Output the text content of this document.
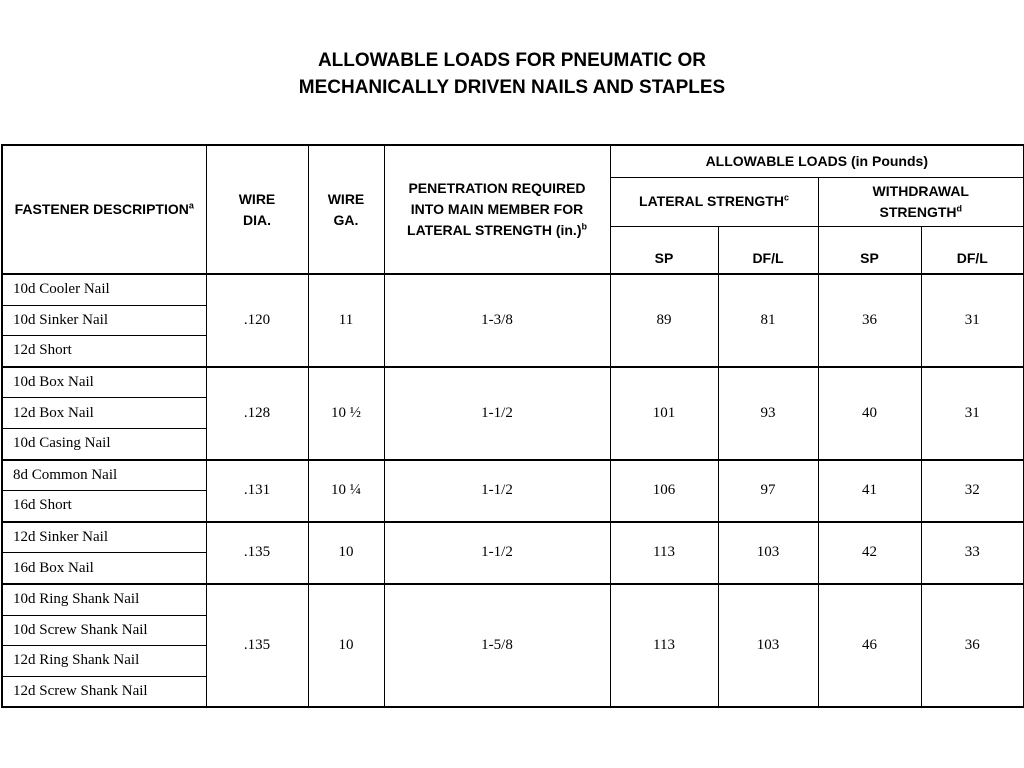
ALLOWABLE LOADS FOR PNEUMATIC OR
MECHANICALLY DRIVEN NAILS AND STAPLES
FASTENER DESCRIPTION$^a$	WIRE DIA.	WIRE GA.	PENETRATION REQUIRED INTO MAIN MEMBER FOR LATERAL STRENGTH $(in.)^b$	ALLOWABLE LOADS (in Pounds)			
				LATERAL STRENGTH$^c$		WITHDRAWAL STRENGTH$^d$
				SP	DF/L	SP	DF/L
10d Cooler Nail	.120	11	1-3/8	89	81	36	31
10d Sinker Nail							
12d Short							
10d Box Nail	.128	10 ½	1-1/2	101	93	40	31
12d Box Nail							
10d Casing Nail							
8d Common Nail	.131	10 ¼	1-1/2	106	97	41	32
16d Short							
12d Sinker Nail	.135	10	1-1/2	113	103	42	33
16d Box Nail							
10d Ring Shank Nail	.135	10	1-5/8	113	103	46	36
10d Screw Shank Nail							
12d Ring Shank Nail							
12d Screw Shank Nail							
